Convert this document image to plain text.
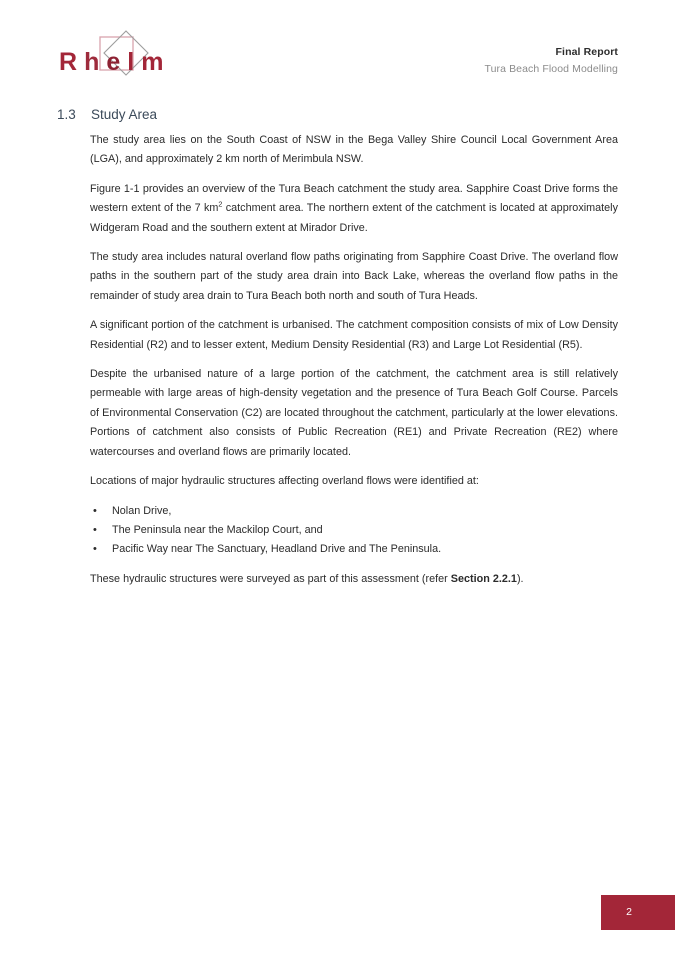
Rhelm	Final Report
Tura Beach Flood Modelling
1.3 Study Area

The study area lies on the South Coast of NSW in the Bega Valley Shire Council Local Government Area (LGA), and approximately 2 km north of Merimbula NSW.

Figure 1-1 provides an overview of the Tura Beach catchment the study area. Sapphire Coast Drive forms the western extent of the 7 $km^2$ catchment area. The northern extent of the catchment is located at approximately Widgeram Road and the southern extent at Mirador Drive.

The study area includes natural overland flow paths originating from Sapphire Coast Drive. The overland flow paths in the southern part of the study area drain into Back Lake, whereas the overland flow paths in the remainder of study area drain to Tura Beach both north and south of Tura Heads.

A significant portion of the catchment is urbanised. The catchment composition consists of mix of Low Density Residential (R2) and to lesser extent, Medium Density Residential (R3) and Large Lot Residential (R5).

Despite the urbanised nature of a large portion of the catchment, the catchment area is still relatively permeable with large areas of high-density vegetation and the presence of Tura Beach Golf Course. Parcels of Environmental Conservation (C2) are located throughout the catchment, particularly at the lower elevations. Portions of catchment also consists of Public Recreation (RE1) and Private Recreation (RE2) where watercourses and overland flows are primarily located.

Locations of major hydraulic structures affecting overland flows were identified at:

•	Nolan Drive,
•	The Peninsula near the Mackilop Court, and
•	Pacific Way near The Sanctuary, Headland Drive and The Peninsula.

These hydraulic structures were surveyed as part of this assessment (refer Section 2.2.1).

2
